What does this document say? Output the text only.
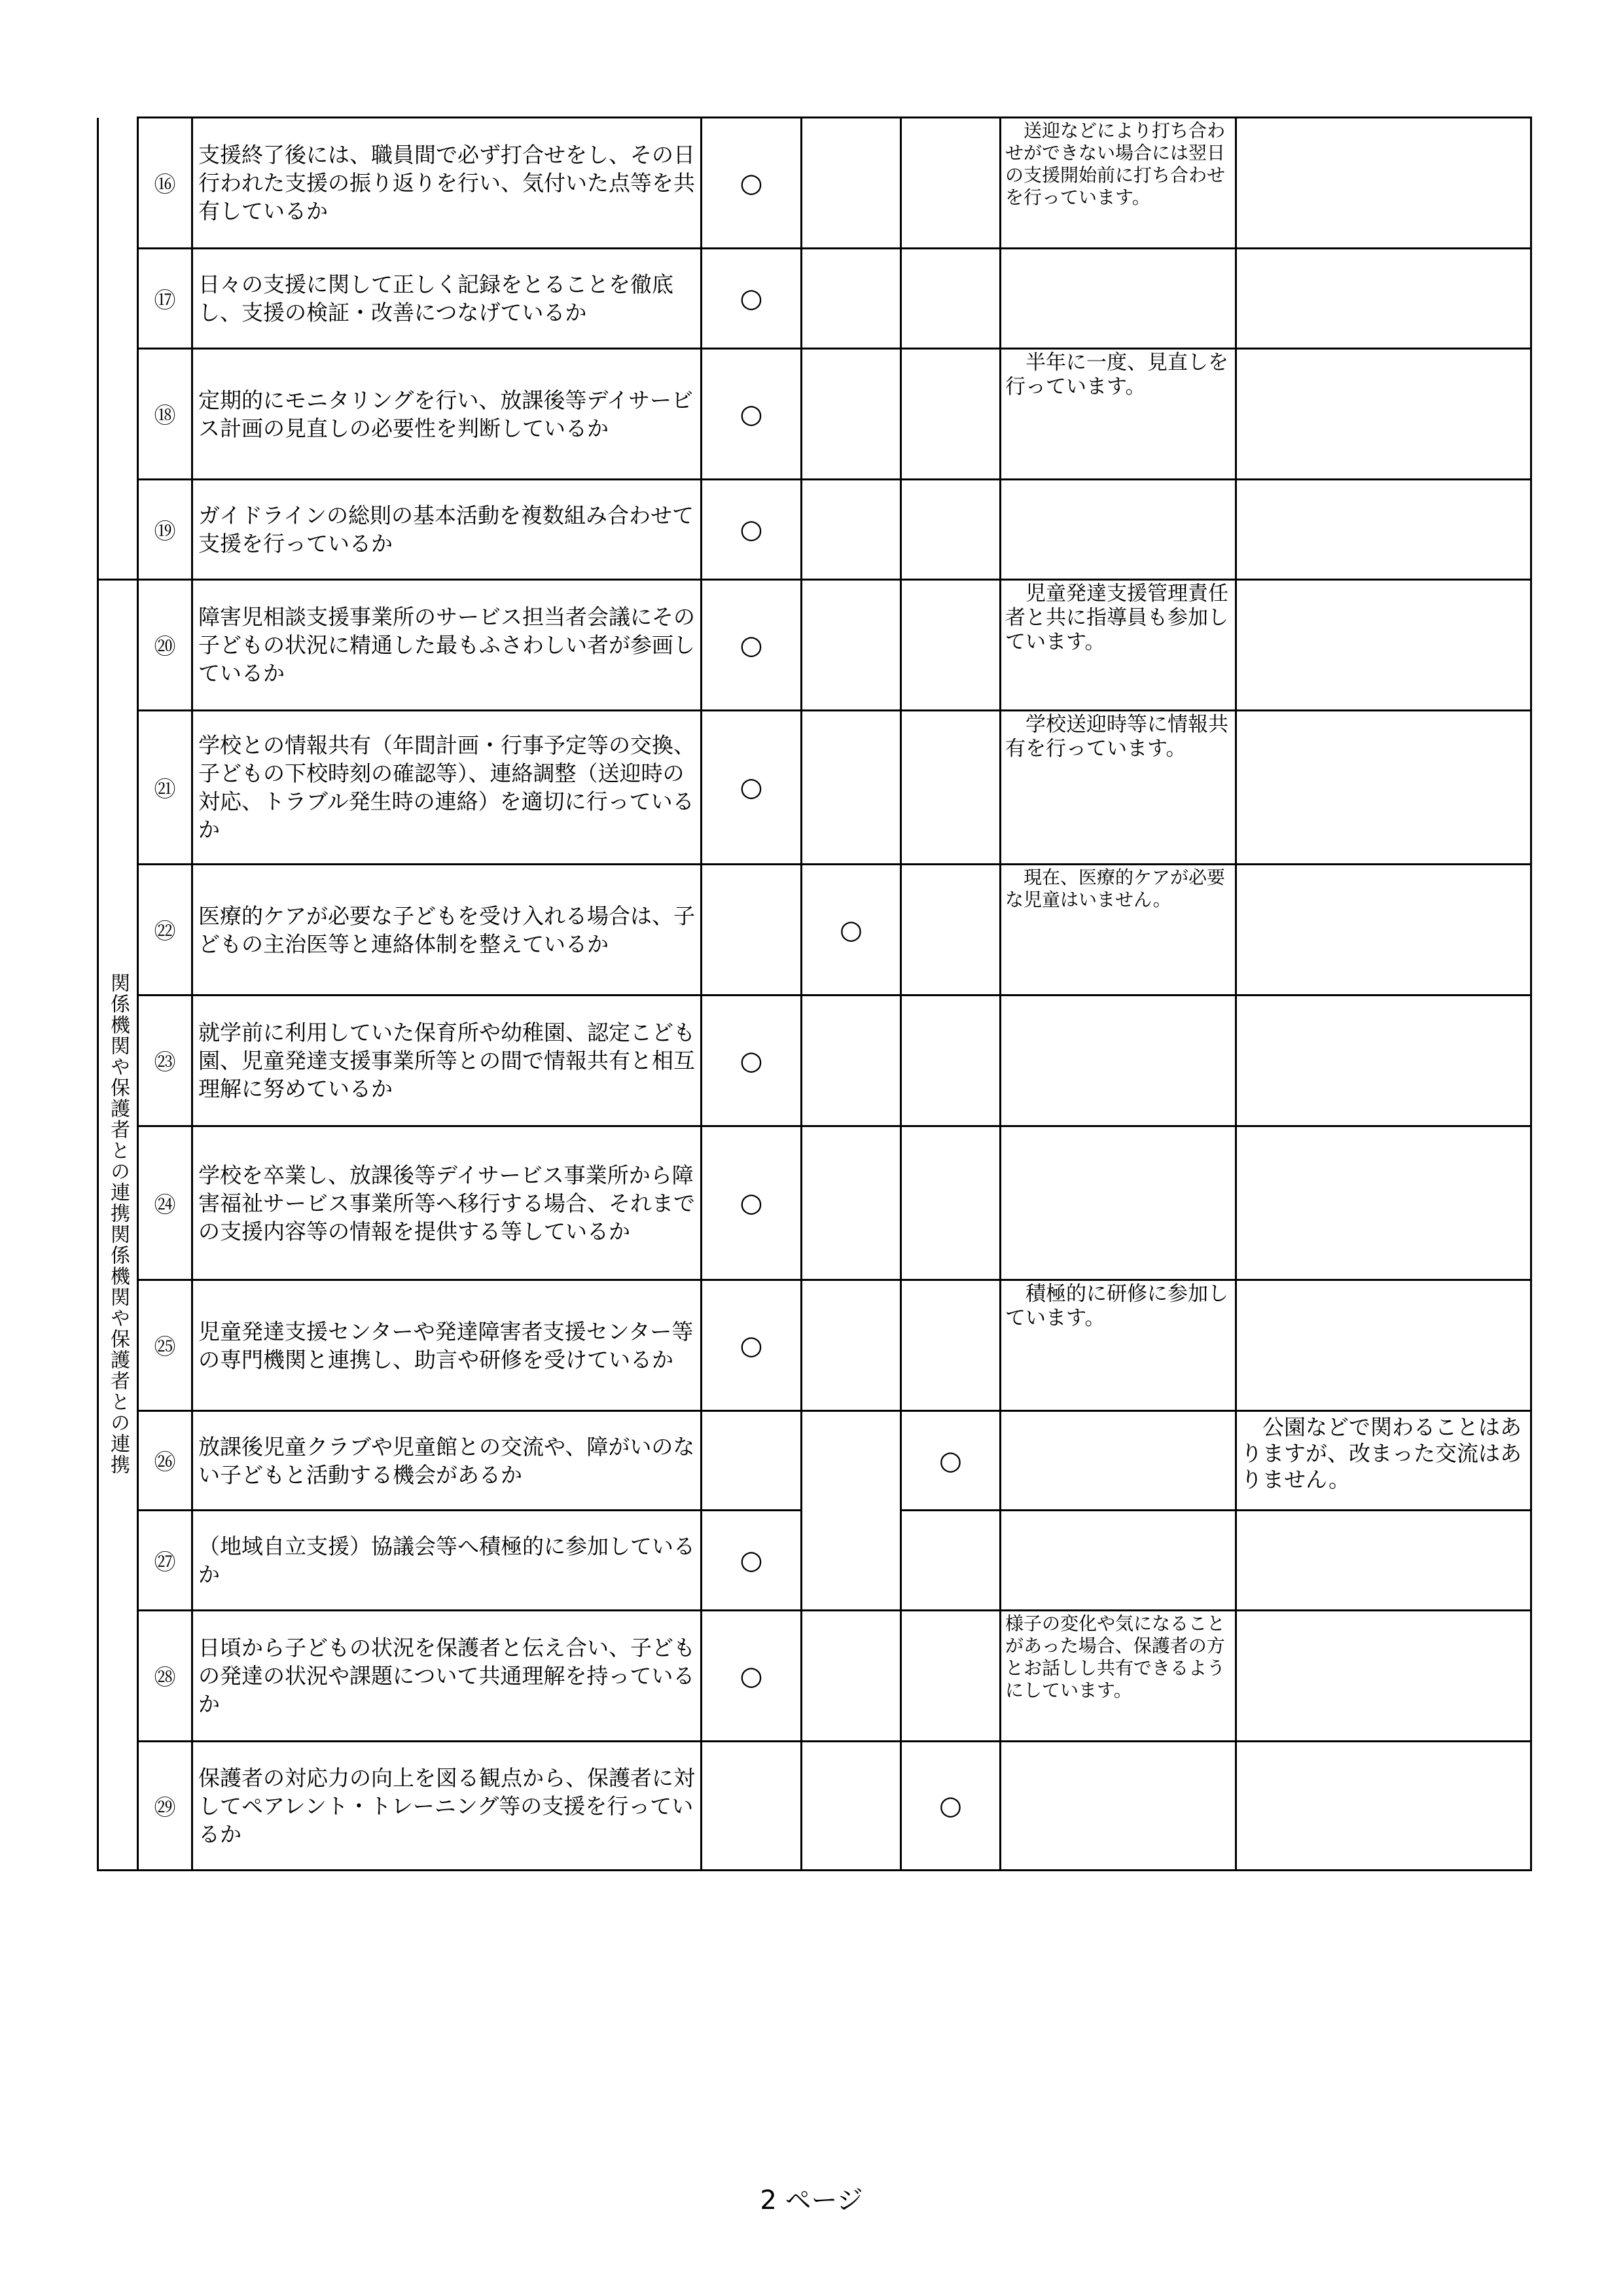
	⑯	支援終了後には、職員間で必ず打合せをし、その日行われた支援の振り返りを行い、気付いた点等を共有しているか	○			　送迎などにより打ち合わせができない場合には翌日の支援開始前に打ち合わせを行っています。	
	⑰	日々の支援に関して正しく記録をとることを徹底し、支援の検証・改善につなげているか	○				
	⑱	定期的にモニタリングを行い、放課後等デイサービス計画の見直しの必要性を判断しているか	○			　半年に一度、見直しを行っています。	
	⑲	ガイドラインの総則の基本活動を複数組み合わせて支援を行っているか	○				
関係機関や保護者との連携関係機関や保護者との連携	⑳	障害児相談支援事業所のサービス担当者会議にその子どもの状況に精通した最もふさわしい者が参画しているか	○			　児童発達支援管理責任者と共に指導員も参加しています。	
	㉑	学校との情報共有（年間計画・行事予定等の交換、子どもの下校時刻の確認等）、連絡調整（送迎時の対応、トラブル発生時の連絡）を適切に行っているか	○			　学校送迎時等に情報共有を行っています。	
	㉒	医療的ケアが必要な子どもを受け入れる場合は、子どもの主治医等と連絡体制を整えているか		○		　現在、医療的ケアが必要な児童はいません。	
	㉓	就学前に利用していた保育所や幼稚園、認定こども園、児童発達支援事業所等との間で情報共有と相互理解に努めているか	○				
	㉔	学校を卒業し、放課後等デイサービス事業所から障害福祉サービス事業所等へ移行する場合、それまでの支援内容等の情報を提供する等しているか	○				
	㉕	児童発達支援センターや発達障害者支援センター等の専門機関と連携し、助言や研修を受けているか	○			　積極的に研修に参加しています。	
	㉖	放課後児童クラブや児童館との交流や、障がいのない子どもと活動する機会があるか			○		　公園などで関わることはありますが、改まった交流はありません。
	㉗	（地域自立支援）協議会等へ積極的に参加しているか	○				
	㉘	日頃から子どもの状況を保護者と伝え合い、子どもの発達の状況や課題について共通理解を持っているか	○			様子の変化や気になることがあった場合、保護者の方とお話しし共有できるようにしています。	
	㉙	保護者の対応力の向上を図る観点から、保護者に対してペアレント・トレーニング等の支援を行っているか			○		
2 ページ
